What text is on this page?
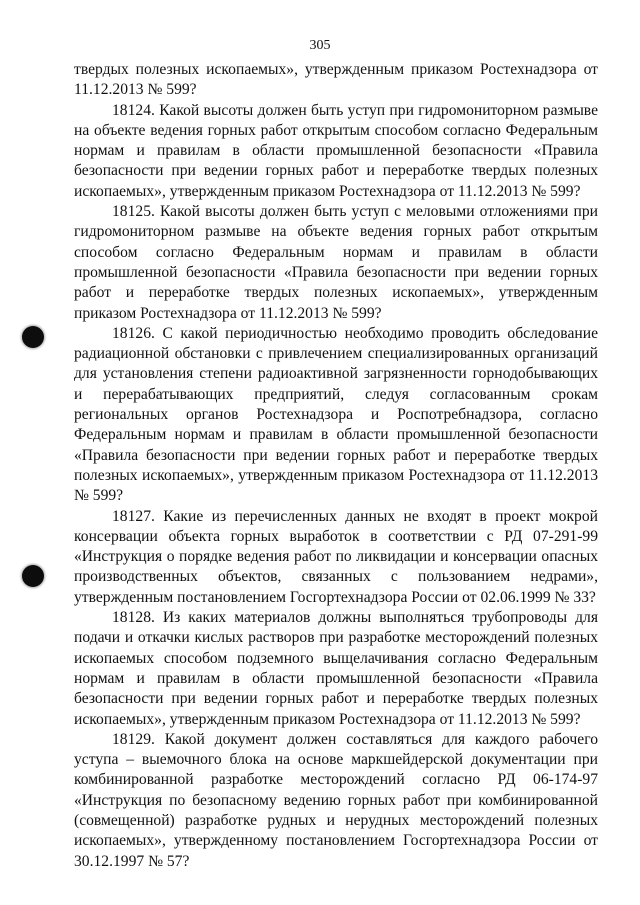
305

твердых полезных ископаемых», утвержденным приказом Ростехнадзора от 11.12.2013 № 599?

18124. Какой высоты должен быть уступ при гидромониторном размыве на объекте ведения горных работ открытым способом согласно Федеральным нормам и правилам в области промышленной безопасности «Правила безопасности при ведении горных работ и переработке твердых полезных ископаемых», утвержденным приказом Ростехнадзора от 11.12.2013 № 599?

18125. Какой высоты должен быть уступ с меловыми отложениями при гидромониторном размыве на объекте ведения горных работ открытым способом согласно Федеральным нормам и правилам в области промышленной безопасности «Правила безопасности при ведении горных работ и переработке твердых полезных ископаемых», утвержденным приказом Ростехнадзора от 11.12.2013 № 599?

18126. С какой периодичностью необходимо проводить обследование радиационной обстановки с привлечением специализированных организаций для установления степени радиоактивной загрязненности горнодобывающих и перерабатывающих предприятий, следуя согласованным срокам региональных органов Ростехнадзора и Роспотребнадзора, согласно Федеральным нормам и правилам в области промышленной безопасности «Правила безопасности при ведении горных работ и переработке твердых полезных ископаемых», утвержденным приказом Ростехнадзора от 11.12.2013 № 599?

18127. Какие из перечисленных данных не входят в проект мокрой консервации объекта горных выработок в соответствии с РД 07-291-99 «Инструкция о порядке ведения работ по ликвидации и консервации опасных производственных объектов, связанных с пользованием недрами», утвержденным постановлением Госгортехнадзора России от 02.06.1999 № 33?

18128. Из каких материалов должны выполняться трубопроводы для подачи и откачки кислых растворов при разработке месторождений полезных ископаемых способом подземного выщелачивания согласно Федеральным нормам и правилам в области промышленной безопасности «Правила безопасности при ведении горных работ и переработке твердых полезных ископаемых», утвержденным приказом Ростехнадзора от 11.12.2013 № 599?

18129. Какой документ должен составляться для каждого рабочего уступа – выемочного блока на основе маркшейдерской документации при комбинированной разработке месторождений согласно РД 06-174-97 «Инструкция по безопасному ведению горных работ при комбинированной (совмещенной) разработке рудных и нерудных месторождений полезных ископаемых», утвержденному постановлением Госгортехнадзора России от 30.12.1997 № 57?
